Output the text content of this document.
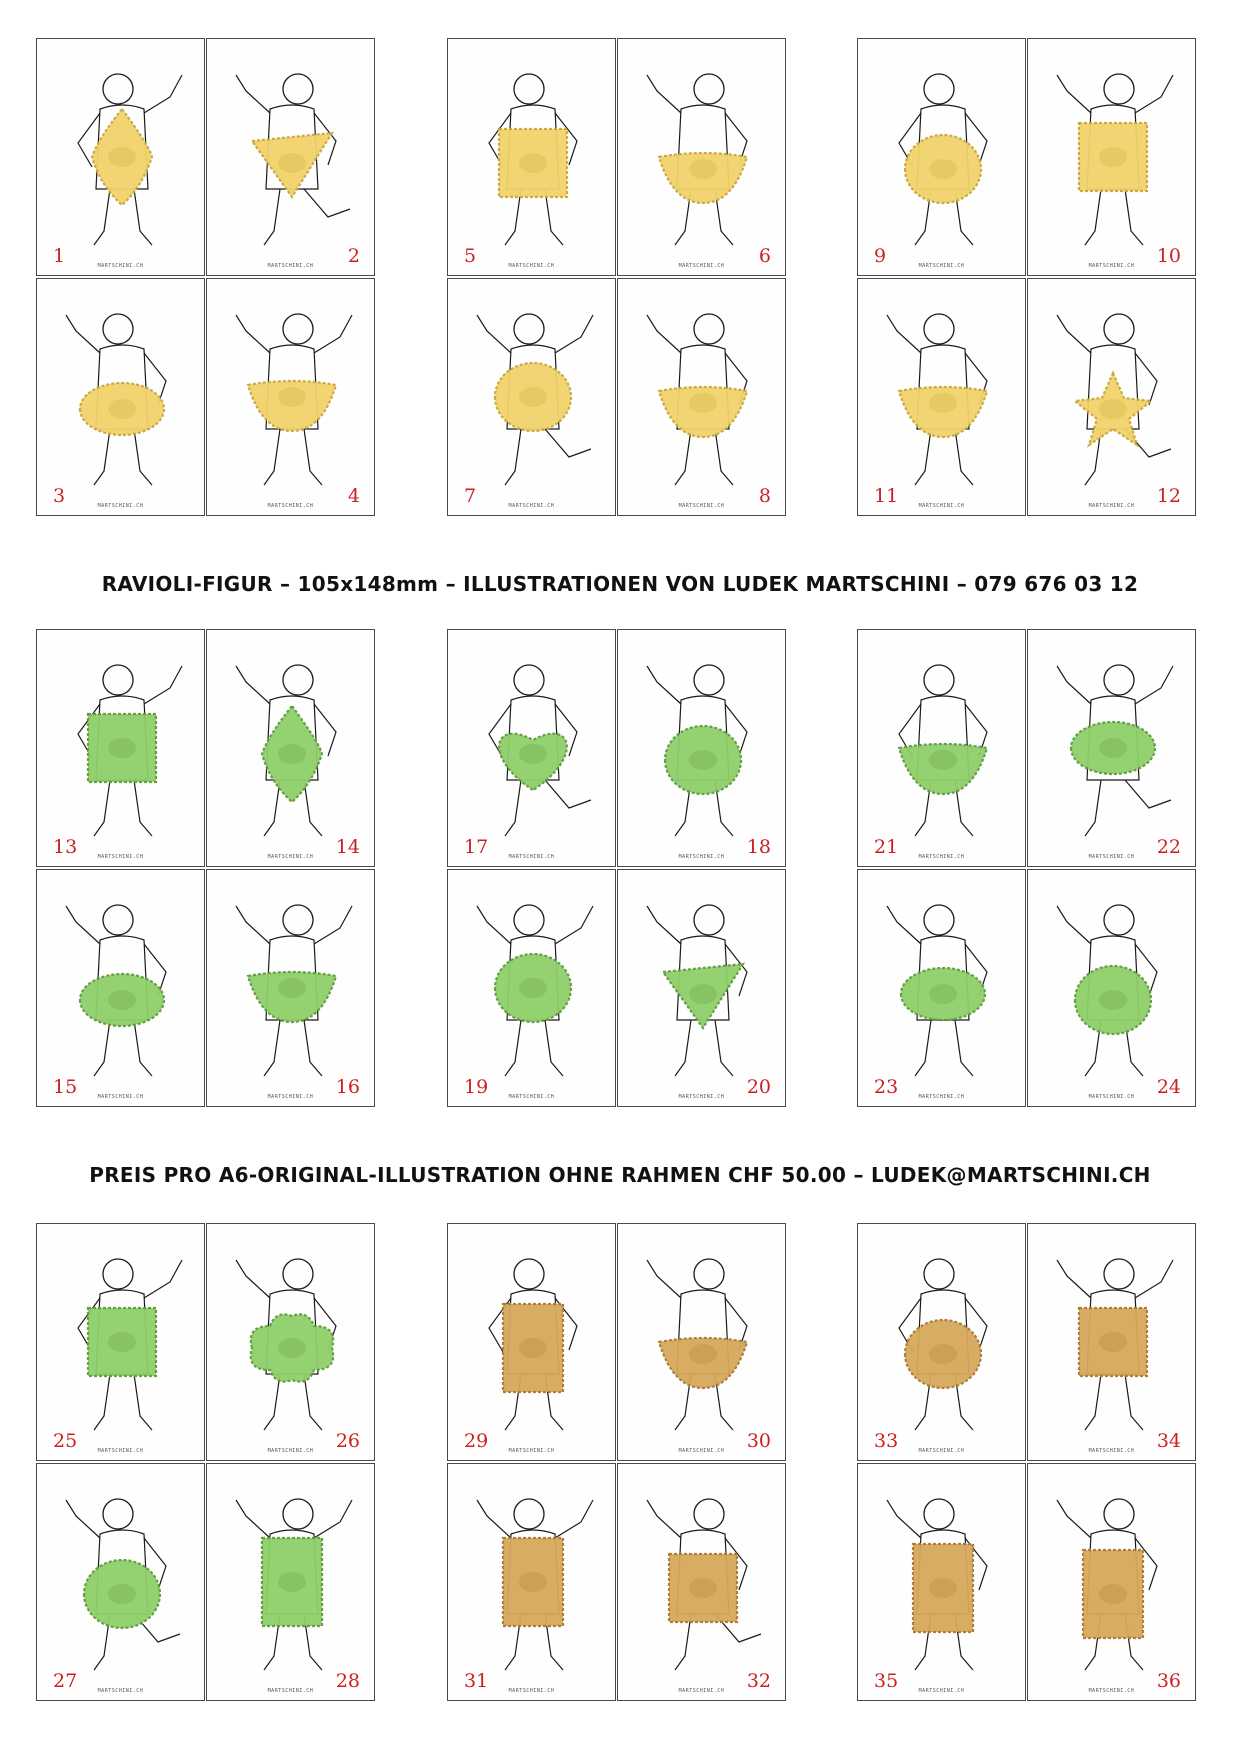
RAVIOLI-FIGUR – 105x148mm – ILLUSTRATIONEN VON LUDEK MARTSCHINI – 079 676 03 12
PREIS PRO A6-ORIGINAL-ILLUSTRATION OHNE RAHMEN CHF 50.00 – LUDEK@MARTSCHINI.CH
MARTSCHINI.CH
1	MARTSCHINI.CH	2
MARTSCHINI.CH
3	MARTSCHINI.CH	4
MARTSCHINI.CH
5	MARTSCHINI.CH	6
MARTSCHINI.CH
7	MARTSCHINI.CH	8
MARTSCHINI.CH
9	MARTSCHINI.CH	10
MARTSCHINI.CH
11	MARTSCHINI.CH	12
MARTSCHINI.CH
13	MARTSCHINI.CH	14
MARTSCHINI.CH
15	MARTSCHINI.CH	16
MARTSCHINI.CH
17	MARTSCHINI.CH	18
MARTSCHINI.CH
19	MARTSCHINI.CH	20
MARTSCHINI.CH
21	MARTSCHINI.CH	22
MARTSCHINI.CH
23	MARTSCHINI.CH	24
MARTSCHINI.CH
25	MARTSCHINI.CH	26
MARTSCHINI.CH
27	MARTSCHINI.CH	28
MARTSCHINI.CH
29	MARTSCHINI.CH	30
MARTSCHINI.CH
31	MARTSCHINI.CH	32
MARTSCHINI.CH
33	MARTSCHINI.CH	34
MARTSCHINI.CH
35	MARTSCHINI.CH	36
